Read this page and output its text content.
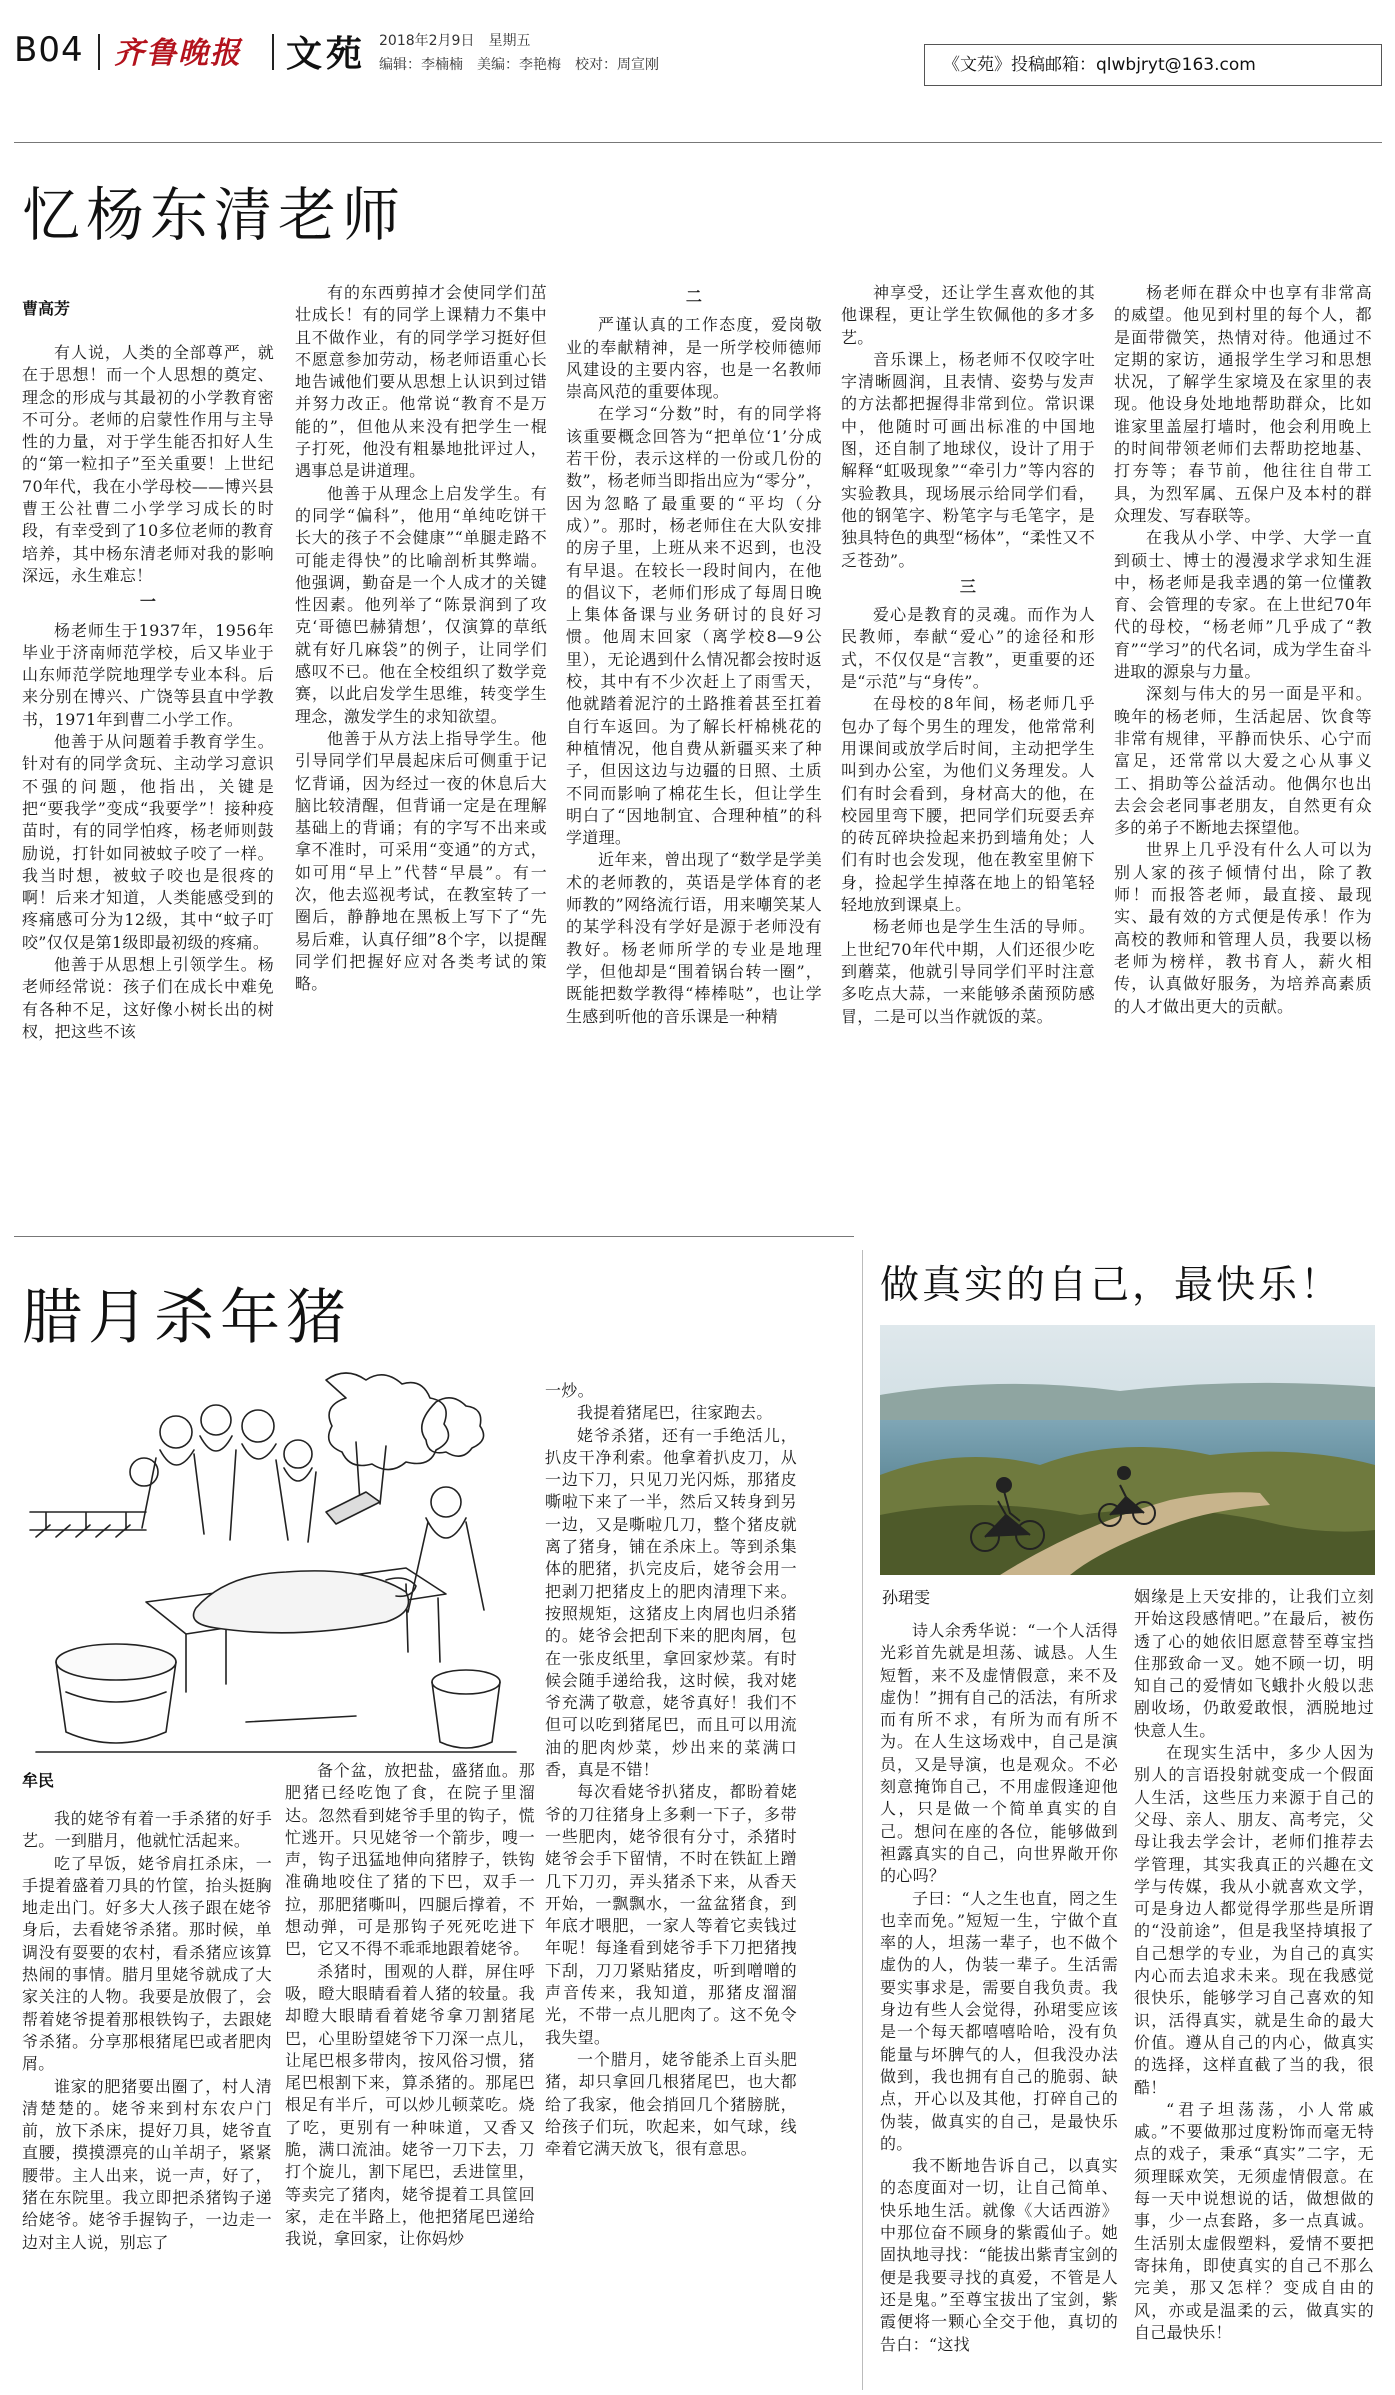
B04 齐鲁晚报 文苑 2018年2月9日　星期五
编辑：李楠楠　美编：李艳梅　校对：周宣刚	《文苑》投稿邮箱：qlwbjryt@163.com
忆杨东清老师
曹高芳

有人说，人类的全部尊严，就在于思想！而一个人思想的奠定、理念的形成与其最初的小学教育密不可分。老师的启蒙性作用与主导性的力量，对于学生能否扣好人生的“第一粒扣子”至关重要！上世纪70年代，我在小学母校——博兴县曹王公社曹二小学学习成长的时段，有幸受到了10多位老师的教育培养，其中杨东清老师对我的影响深远，永生难忘！

一

杨老师生于1937年，1956年毕业于济南师范学校，后又毕业于山东师范学院地理学专业本科。后来分别在博兴、广饶等县直中学教书，1971年到曹二小学工作。

他善于从问题着手教育学生。针对有的同学贪玩、主动学习意识不强的问题，他指出，关键是把“要我学”变成“我要学”！接种疫苗时，有的同学怕疼，杨老师则鼓励说，打针如同被蚊子咬了一样。我当时想，被蚊子咬也是很疼的啊！后来才知道，人类能感受到的疼痛感可分为12级，其中“蚊子叮咬”仅仅是第1级即最初级的疼痛。

他善于从思想上引领学生。杨老师经常说：孩子们在成长中难免有各种不足，这好像小树长出的树杈，把这些不该

有的东西剪掉才会使同学们茁壮成长！有的同学上课精力不集中且不做作业，有的同学学习挺好但不愿意参加劳动，杨老师语重心长地告诫他们要从思想上认识到过错并努力改正。他常说“教育不是万能的”，但他从来没有把学生一棍子打死，他没有粗暴地批评过人，遇事总是讲道理。

他善于从理念上启发学生。有的同学“偏科”，他用“单纯吃饼干长大的孩子不会健康”“单腿走路不可能走得快”的比喻剖析其弊端。他强调，勤奋是一个人成才的关键性因素。他列举了“陈景润到了攻克‘哥德巴赫猜想’，仅演算的草纸就有好几麻袋”的例子，让同学们感叹不已。他在全校组织了数学竞赛，以此启发学生思维，转变学生理念，激发学生的求知欲望。

他善于从方法上指导学生。他引导同学们早晨起床后可侧重于记忆背诵，因为经过一夜的休息后大脑比较清醒，但背诵一定是在理解基础上的背诵；有的字写不出来或拿不准时，可采用“变通”的方式，如可用“早上”代替“早晨”。有一次，他去巡视考试，在教室转了一圈后，静静地在黑板上写下了“先易后难，认真仔细”8个字，以提醒同学们把握好应对各类考试的策略。

二

严谨认真的工作态度，爱岗敬业的奉献精神，是一所学校师德师风建设的主要内容，也是一名教师崇高风范的重要体现。

在学习“分数”时，有的同学将该重要概念回答为“把单位‘1’分成若干份，表示这样的一份或几份的数”，杨老师当即指出应为“零分”，因为忽略了最重要的“平均（分成）”。那时，杨老师住在大队安排的房子里，上班从来不迟到，也没有早退。在较长一段时间内，在他的倡议下，老师们形成了每周日晚上集体备课与业务研讨的良好习惯。他周末回家（离学校8—9公里），无论遇到什么情况都会按时返校，其中有不少次赶上了雨雪天，他就踏着泥泞的土路推着甚至扛着自行车返回。为了解长杆棉桃花的种植情况，他自费从新疆买来了种子，但因这边与边疆的日照、土质不同而影响了棉花生长，但让学生明白了“因地制宜、合理种植”的科学道理。

近年来，曾出现了“数学是学美术的老师教的，英语是学体育的老师教的”网络流行语，用来嘲笑某人的某学科没有学好是源于老师没有教好。杨老师所学的专业是地理学，但他却是“围着锅台转一圈”，既能把数学教得“棒棒哒”，也让学生感到听他的音乐课是一种精

神享受，还让学生喜欢他的其他课程，更让学生钦佩他的多才多艺。

音乐课上，杨老师不仅咬字吐字清晰圆润，且表情、姿势与发声的方法都把握得非常到位。常识课中，他随时可画出标准的中国地图，还自制了地球仪，设计了用于解释“虹吸现象”“牵引力”等内容的实验教具，现场展示给同学们看，他的钢笔字、粉笔字与毛笔字，是独具特色的典型“杨体”，“柔性又不乏苍劲”。

三

爱心是教育的灵魂。而作为人民教师，奉献“爱心”的途径和形式，不仅仅是“言教”，更重要的还是“示范”与“身传”。

在母校的8年间，杨老师几乎包办了每个男生的理发，他常常利用课间或放学后时间，主动把学生叫到办公室，为他们义务理发。人们有时会看到，身材高大的他，在校园里弯下腰，把同学们玩耍丢弃的砖瓦碎块捡起来扔到墙角处；人们有时也会发现，他在教室里俯下身，捡起学生掉落在地上的铅笔轻轻地放到课桌上。

杨老师也是学生生活的导师。上世纪70年代中期，人们还很少吃到蘑菜，他就引导同学们平时注意多吃点大蒜，一来能够杀菌预防感冒，二是可以当作就饭的菜。

杨老师在群众中也享有非常高的威望。他见到村里的每个人，都是面带微笑，热情对待。他通过不定期的家访，通报学生学习和思想状况，了解学生家境及在家里的表现。他设身处地地帮助群众，比如谁家里盖屋打墙时，他会利用晚上的时间带领老师们去帮助挖地基、打夯等；春节前，他往往自带工具，为烈军属、五保户及本村的群众理发、写春联等。

在我从小学、中学、大学一直到硕士、博士的漫漫求学求知生涯中，杨老师是我幸遇的第一位懂教育、会管理的专家。在上世纪70年代的母校，“杨老师”几乎成了“教育”“学习”的代名词，成为学生奋斗进取的源泉与力量。

深刻与伟大的另一面是平和。晚年的杨老师，生活起居、饮食等非常有规律，平静而快乐、心宁而富足，还常常以大爱之心从事义工、捐助等公益活动。他偶尔也出去会会老同事老朋友，自然更有众多的弟子不断地去探望他。

世界上几乎没有什么人可以为别人家的孩子倾情付出，除了教师！而报答老师，最直接、最现实、最有效的方式便是传承！作为高校的教师和管理人员，我要以杨老师为榜样，教书育人，薪火相传，认真做好服务，为培养高素质的人才做出更大的贡献。

腊月杀年猪
牟民

我的姥爷有着一手杀猪的好手艺。一到腊月，他就忙活起来。

吃了早饭，姥爷肩扛杀床，一手提着盛着刀具的竹筐，抬头挺胸地走出门。好多大人孩子跟在姥爷身后，去看姥爷杀猪。那时候，单调没有耍要的农村，看杀猪应该算热闹的事情。腊月里姥爷就成了大家关注的人物。我要是放假了，会帮着姥爷提着那根铁钩子，去跟姥爷杀猪。分享那根猪尾巴或者肥肉屑。

谁家的肥猪要出圈了，村人清清楚楚的。姥爷来到村东农户门前，放下杀床，提好刀具，姥爷直直腰，摸摸漂亮的山羊胡子，紧紧腰带。主人出来，说一声，好了，猪在东院里。我立即把杀猪钩子递给姥爷。姥爷手握钩子，一边走一边对主人说，别忘了

备个盆，放把盐，盛猪血。那肥猪已经吃饱了食，在院子里溜达。忽然看到姥爷手里的钩子，慌忙逃开。只见姥爷一个箭步，嗖一声，钩子迅猛地伸向猪脖子，铁钩准确地咬住了猪的下巴，双手一拉，那肥猪嘶叫，四腿后撑着，不想动弹，可是那钩子死死吃进下巴，它又不得不乖乖地跟着姥爷。

杀猪时，围观的人群，屏住呼吸，瞪大眼睛看着人猪的较量。我却瞪大眼睛看着姥爷拿刀割猪尾巴，心里盼望姥爷下刀深一点儿，让尾巴根多带肉，按风俗习惯，猪尾巴根割下来，算杀猪的。那尾巴根足有半斤，可以炒儿顿菜吃。烧了吃，更别有一种味道，又香又脆，满口流油。姥爷一刀下去，刀打个旋儿，割下尾巴，丢进筐里，等卖完了猪肉，姥爷提着工具筐回家，走在半路上，他把猪尾巴递给我说，拿回家，让你妈炒

一炒。

我提着猪尾巴，往家跑去。

姥爷杀猪，还有一手绝活儿，扒皮干净利索。他拿着扒皮刀，从一边下刀，只见刀光闪烁，那猪皮嘶啦下来了一半，然后又转身到另一边，又是嘶啦几刀，整个猪皮就离了猪身，铺在杀床上。等到杀集体的肥猪，扒完皮后，姥爷会用一把剥刀把猪皮上的肥肉清理下来。按照规矩，这猪皮上肉屑也归杀猪的。姥爷会把刮下来的肥肉屑，包在一张皮纸里，拿回家炒菜。有时候会随手递给我，这时候，我对姥爷充满了敬意，姥爷真好！我们不但可以吃到猪尾巴，而且可以用流油的肥肉炒菜，炒出来的菜满口香，真是不错！

每次看姥爷扒猪皮，都盼着姥爷的刀往猪身上多剩一下子，多带一些肥肉，姥爷很有分寸，杀猪时姥爷会手下留情，不时在铁缸上蹭几下刀刃，弄头猪杀下来，从香天开始，一飘飘水，一盆盆猪食，到年底才喂肥，一家人等着它卖钱过年呢！每逢看到姥爷手下刀把猪拽下刮，刀刀紧贴猪皮，听到噌噌的声音传来，我知道，那猪皮溜溜光，不带一点儿肥肉了。这不免令我失望。

一个腊月，姥爷能杀上百头肥猪，却只拿回几根猪尾巴，也大都给了我家，他会捎回几个猪膀胱，给孩子们玩，吹起来，如气球，线牵着它满天放飞，很有意思。

做真实的自己，最快乐！
孙珺雯

诗人余秀华说：“一个人活得光彩首先就是坦荡、诚恳。人生短暂，来不及虚情假意，来不及虚伪！”拥有自己的活法，有所求而有所不求，有所为而有所不为。在人生这场戏中，自己是演员，又是导演，也是观众。不必刻意掩饰自己，不用虚假逢迎他人，只是做一个简单真实的自己。想问在座的各位，能够做到袒露真实的自己，向世界敞开你的心吗？

子曰：“人之生也直，罔之生也幸而免。”短短一生，宁做个直率的人，坦荡一辈子，也不做个虚伪的人，伪装一辈子。生活需要实事求是，需要自我负责。我身边有些人会觉得，孙珺雯应该是一个每天都嘻嘻哈哈，没有负能量与坏脾气的人，但我没办法做到，我也拥有自己的脆弱、缺点，开心以及其他，打碎自己的伪装，做真实的自己，是最快乐的。

我不断地告诉自己，以真实的态度面对一切，让自己简单、快乐地生活。就像《大话西游》中那位奋不顾身的紫霞仙子。她固执地寻找：“能拔出紫青宝剑的便是我要寻找的真爱，不管是人还是鬼。”至尊宝拔出了宝剑，紫霞便将一颗心全交于他，真切的告白：“这找

姻缘是上天安排的，让我们立刻开始这段感情吧。”在最后，被伤透了心的她依旧愿意替至尊宝挡住那致命一叉。她不顾一切，明知自己的爱情如飞蛾扑火般以悲剧收场，仍敢爱敢恨，洒脱地过快意人生。

在现实生活中，多少人因为别人的言语投射就变成一个假面人生活，这些压力来源于自己的父母、亲人、朋友、高考完，父母让我去学会计，老师们推荐去学管理，其实我真正的兴趣在文学与传媒，我从小就喜欢文学，可是身边人都觉得学那些是所谓的“没前途”，但是我坚持填报了自己想学的专业，为自己的真实内心而去追求未来。现在我感觉很快乐，能够学习自己喜欢的知识，活得真实，就是生命的最大价值。遵从自己的内心，做真实的选择，这样直截了当的我，很酷！

“君子坦荡荡，小人常戚戚。”不要做那过度粉饰而毫无特点的戏子，秉承“真实”二字，无须理睬欢笑，无须虚情假意。在每一天中说想说的话，做想做的事，少一点套路，多一点真诚。生活别太虚假塑料，爱情不要把寄抹角，即使真实的自己不那么完美，那又怎样？变成自由的风，亦或是温柔的云，做真实的自己最快乐！
